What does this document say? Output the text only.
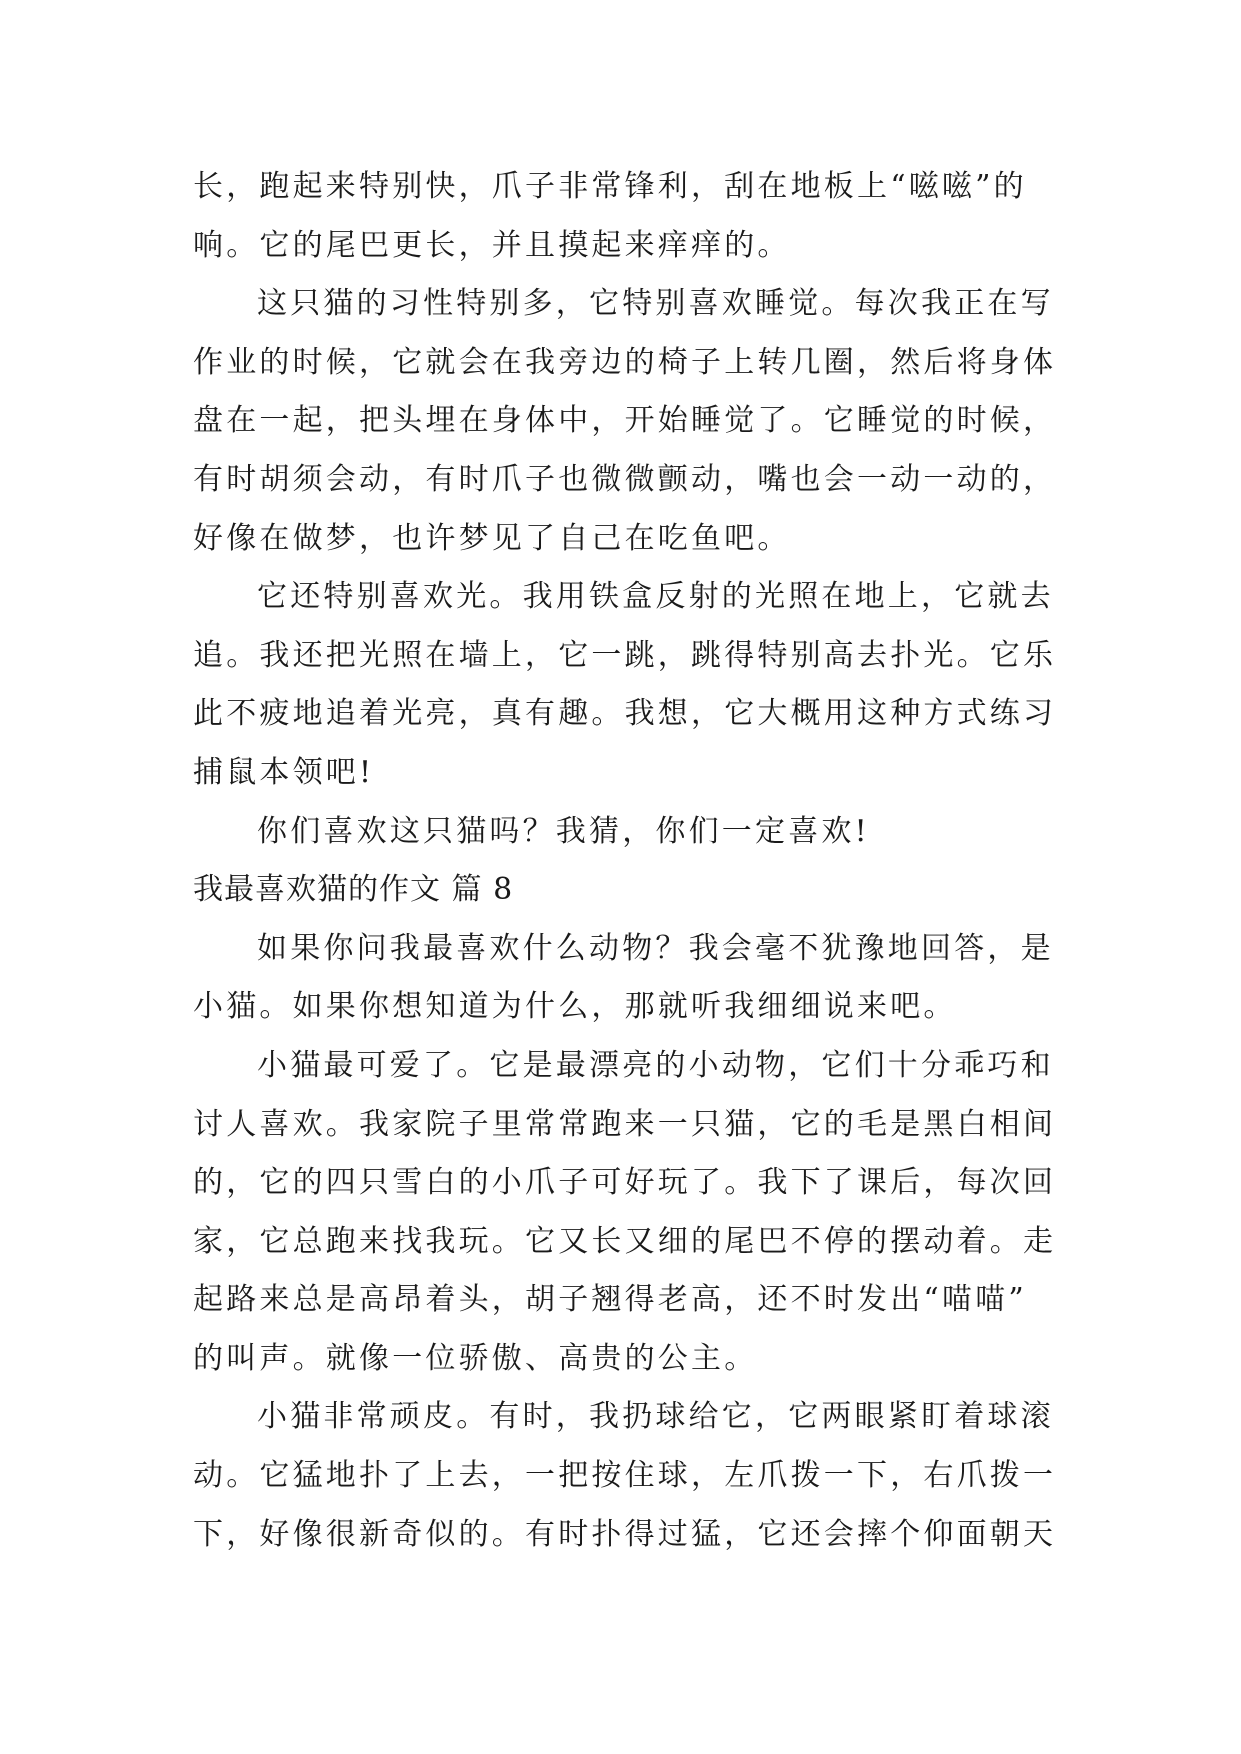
长，跑起来特别快，爪子非常锋利，刮在地板上“嗞嗞”的
响。它的尾巴更长，并且摸起来痒痒的。
这只猫的习性特别多，它特别喜欢睡觉。每次我正在写
作业的时候，它就会在我旁边的椅子上转几圈，然后将身体
盘在一起，把头埋在身体中，开始睡觉了。它睡觉的时候，
有时胡须会动，有时爪子也微微颤动，嘴也会一动一动的，
好像在做梦，也许梦见了自己在吃鱼吧。
它还特别喜欢光。我用铁盒反射的光照在地上，它就去
追。我还把光照在墙上，它一跳，跳得特别高去扑光。它乐
此不疲地追着光亮，真有趣。我想，它大概用这种方式练习
捕鼠本领吧!
你们喜欢这只猫吗？我猜，你们一定喜欢!
我最喜欢猫的作文 篇 8
如果你问我最喜欢什么动物？我会毫不犹豫地回答，是
小猫。如果你想知道为什么，那就听我细细说来吧。
小猫最可爱了。它是最漂亮的小动物，它们十分乖巧和
讨人喜欢。我家院子里常常跑来一只猫，它的毛是黑白相间
的，它的四只雪白的小爪子可好玩了。我下了课后，每次回
家，它总跑来找我玩。它又长又细的尾巴不停的摆动着。走
起路来总是高昂着头，胡子翘得老高，还不时发出“喵喵”
的叫声。就像一位骄傲、高贵的公主。
小猫非常顽皮。有时，我扔球给它，它两眼紧盯着球滚
动。它猛地扑了上去，一把按住球，左爪拨一下，右爪拨一
下，好像很新奇似的。有时扑得过猛，它还会摔个仰面朝天
